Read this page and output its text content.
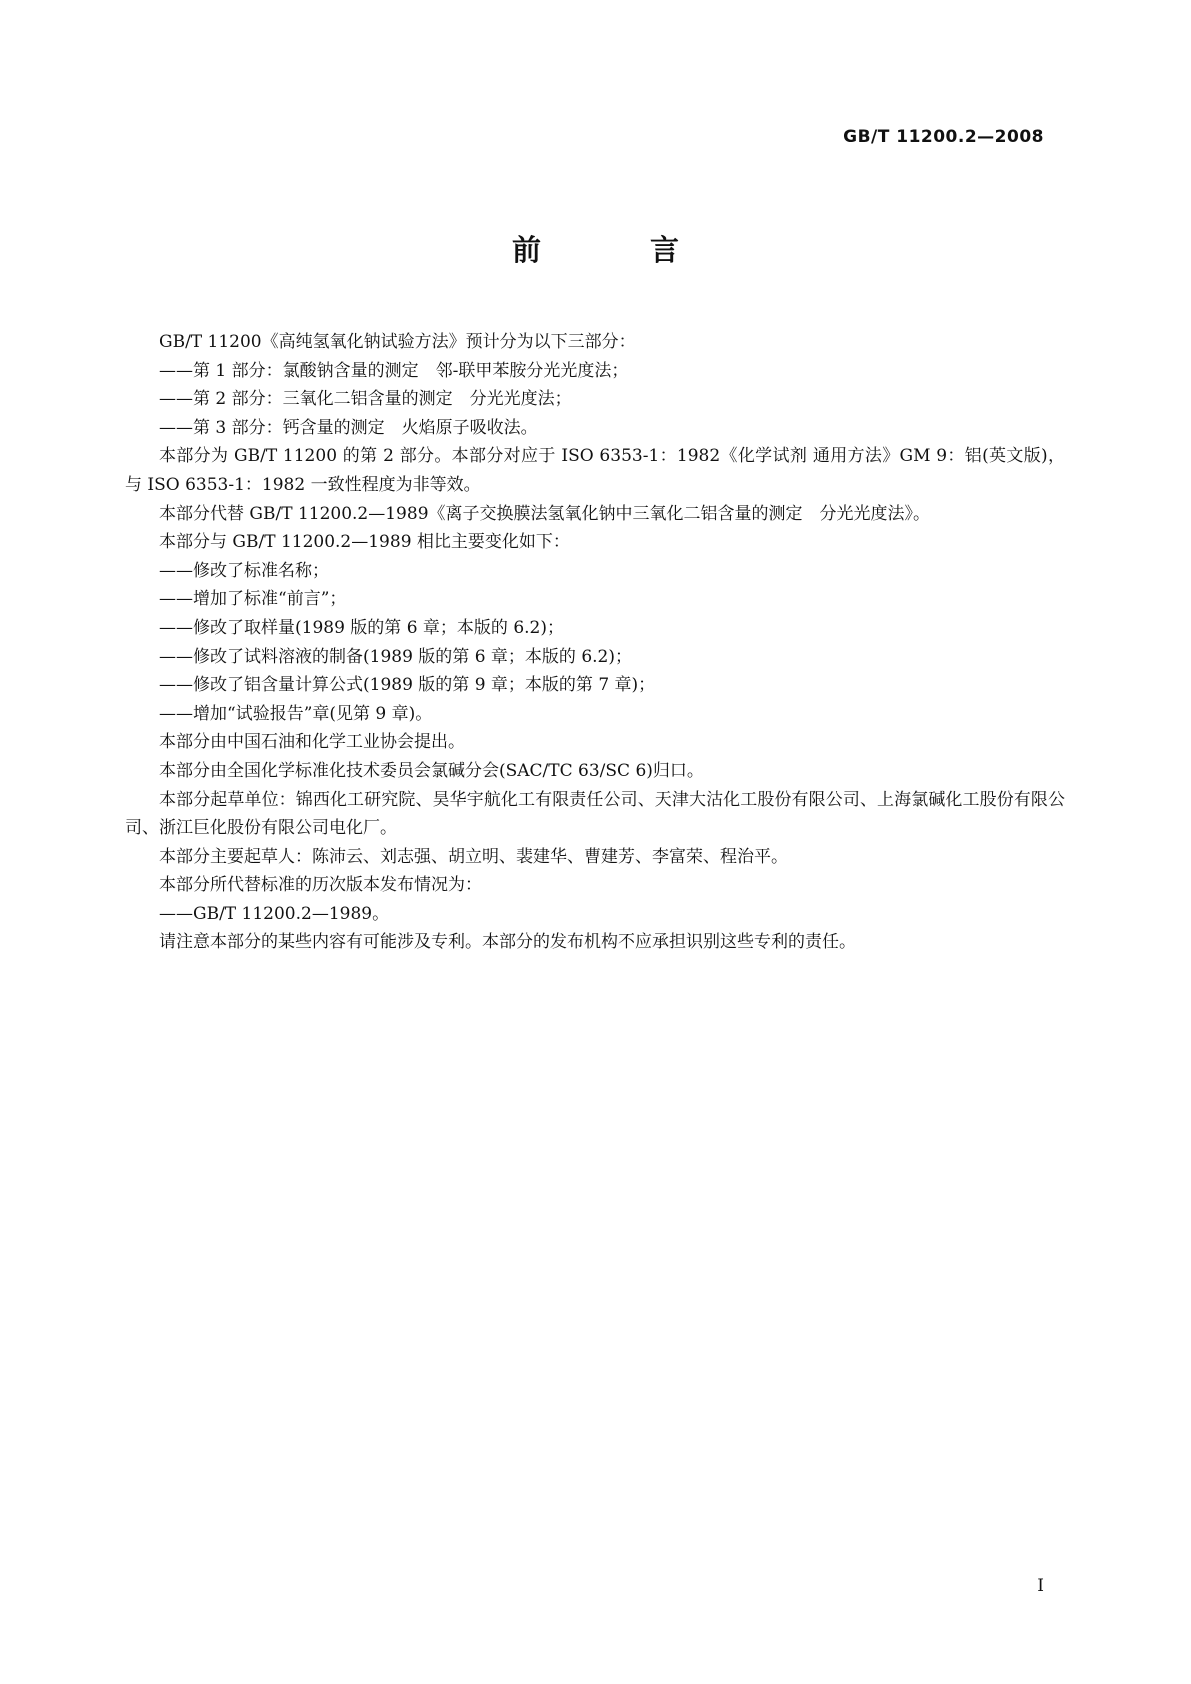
GB/T 11200.2—2008
前　言

GB/T 11200《高纯氢氧化钠试验方法》预计分为以下三部分：

——第 1 部分：氯酸钠含量的测定　邻-联甲苯胺分光光度法；

——第 2 部分：三氧化二铝含量的测定　分光光度法；

——第 3 部分：钙含量的测定　火焰原子吸收法。

本部分为 GB/T 11200 的第 2 部分。本部分对应于 ISO 6353-1：1982《化学试剂 通用方法》GM 9：铝(英文版)，与 ISO 6353-1：1982 一致性程度为非等效。

本部分代替 GB/T 11200.2—1989《离子交换膜法氢氧化钠中三氧化二铝含量的测定　分光光度法》。

本部分与 GB/T 11200.2—1989 相比主要变化如下：

——修改了标准名称；

——增加了标准“前言”；

——修改了取样量(1989 版的第 6 章；本版的 6.2)；

——修改了试料溶液的制备(1989 版的第 6 章；本版的 6.2)；

——修改了铝含量计算公式(1989 版的第 9 章；本版的第 7 章)；

——增加“试验报告”章(见第 9 章)。

本部分由中国石油和化学工业协会提出。

本部分由全国化学标准化技术委员会氯碱分会(SAC/TC 63/SC 6)归口。

本部分起草单位：锦西化工研究院、昊华宇航化工有限责任公司、天津大沽化工股份有限公司、上海氯碱化工股份有限公司、浙江巨化股份有限公司电化厂。

本部分主要起草人：陈沛云、刘志强、胡立明、裴建华、曹建芳、李富荣、程治平。

本部分所代替标准的历次版本发布情况为：

——GB/T 11200.2—1989。

请注意本部分的某些内容有可能涉及专利。本部分的发布机构不应承担识别这些专利的责任。

I
